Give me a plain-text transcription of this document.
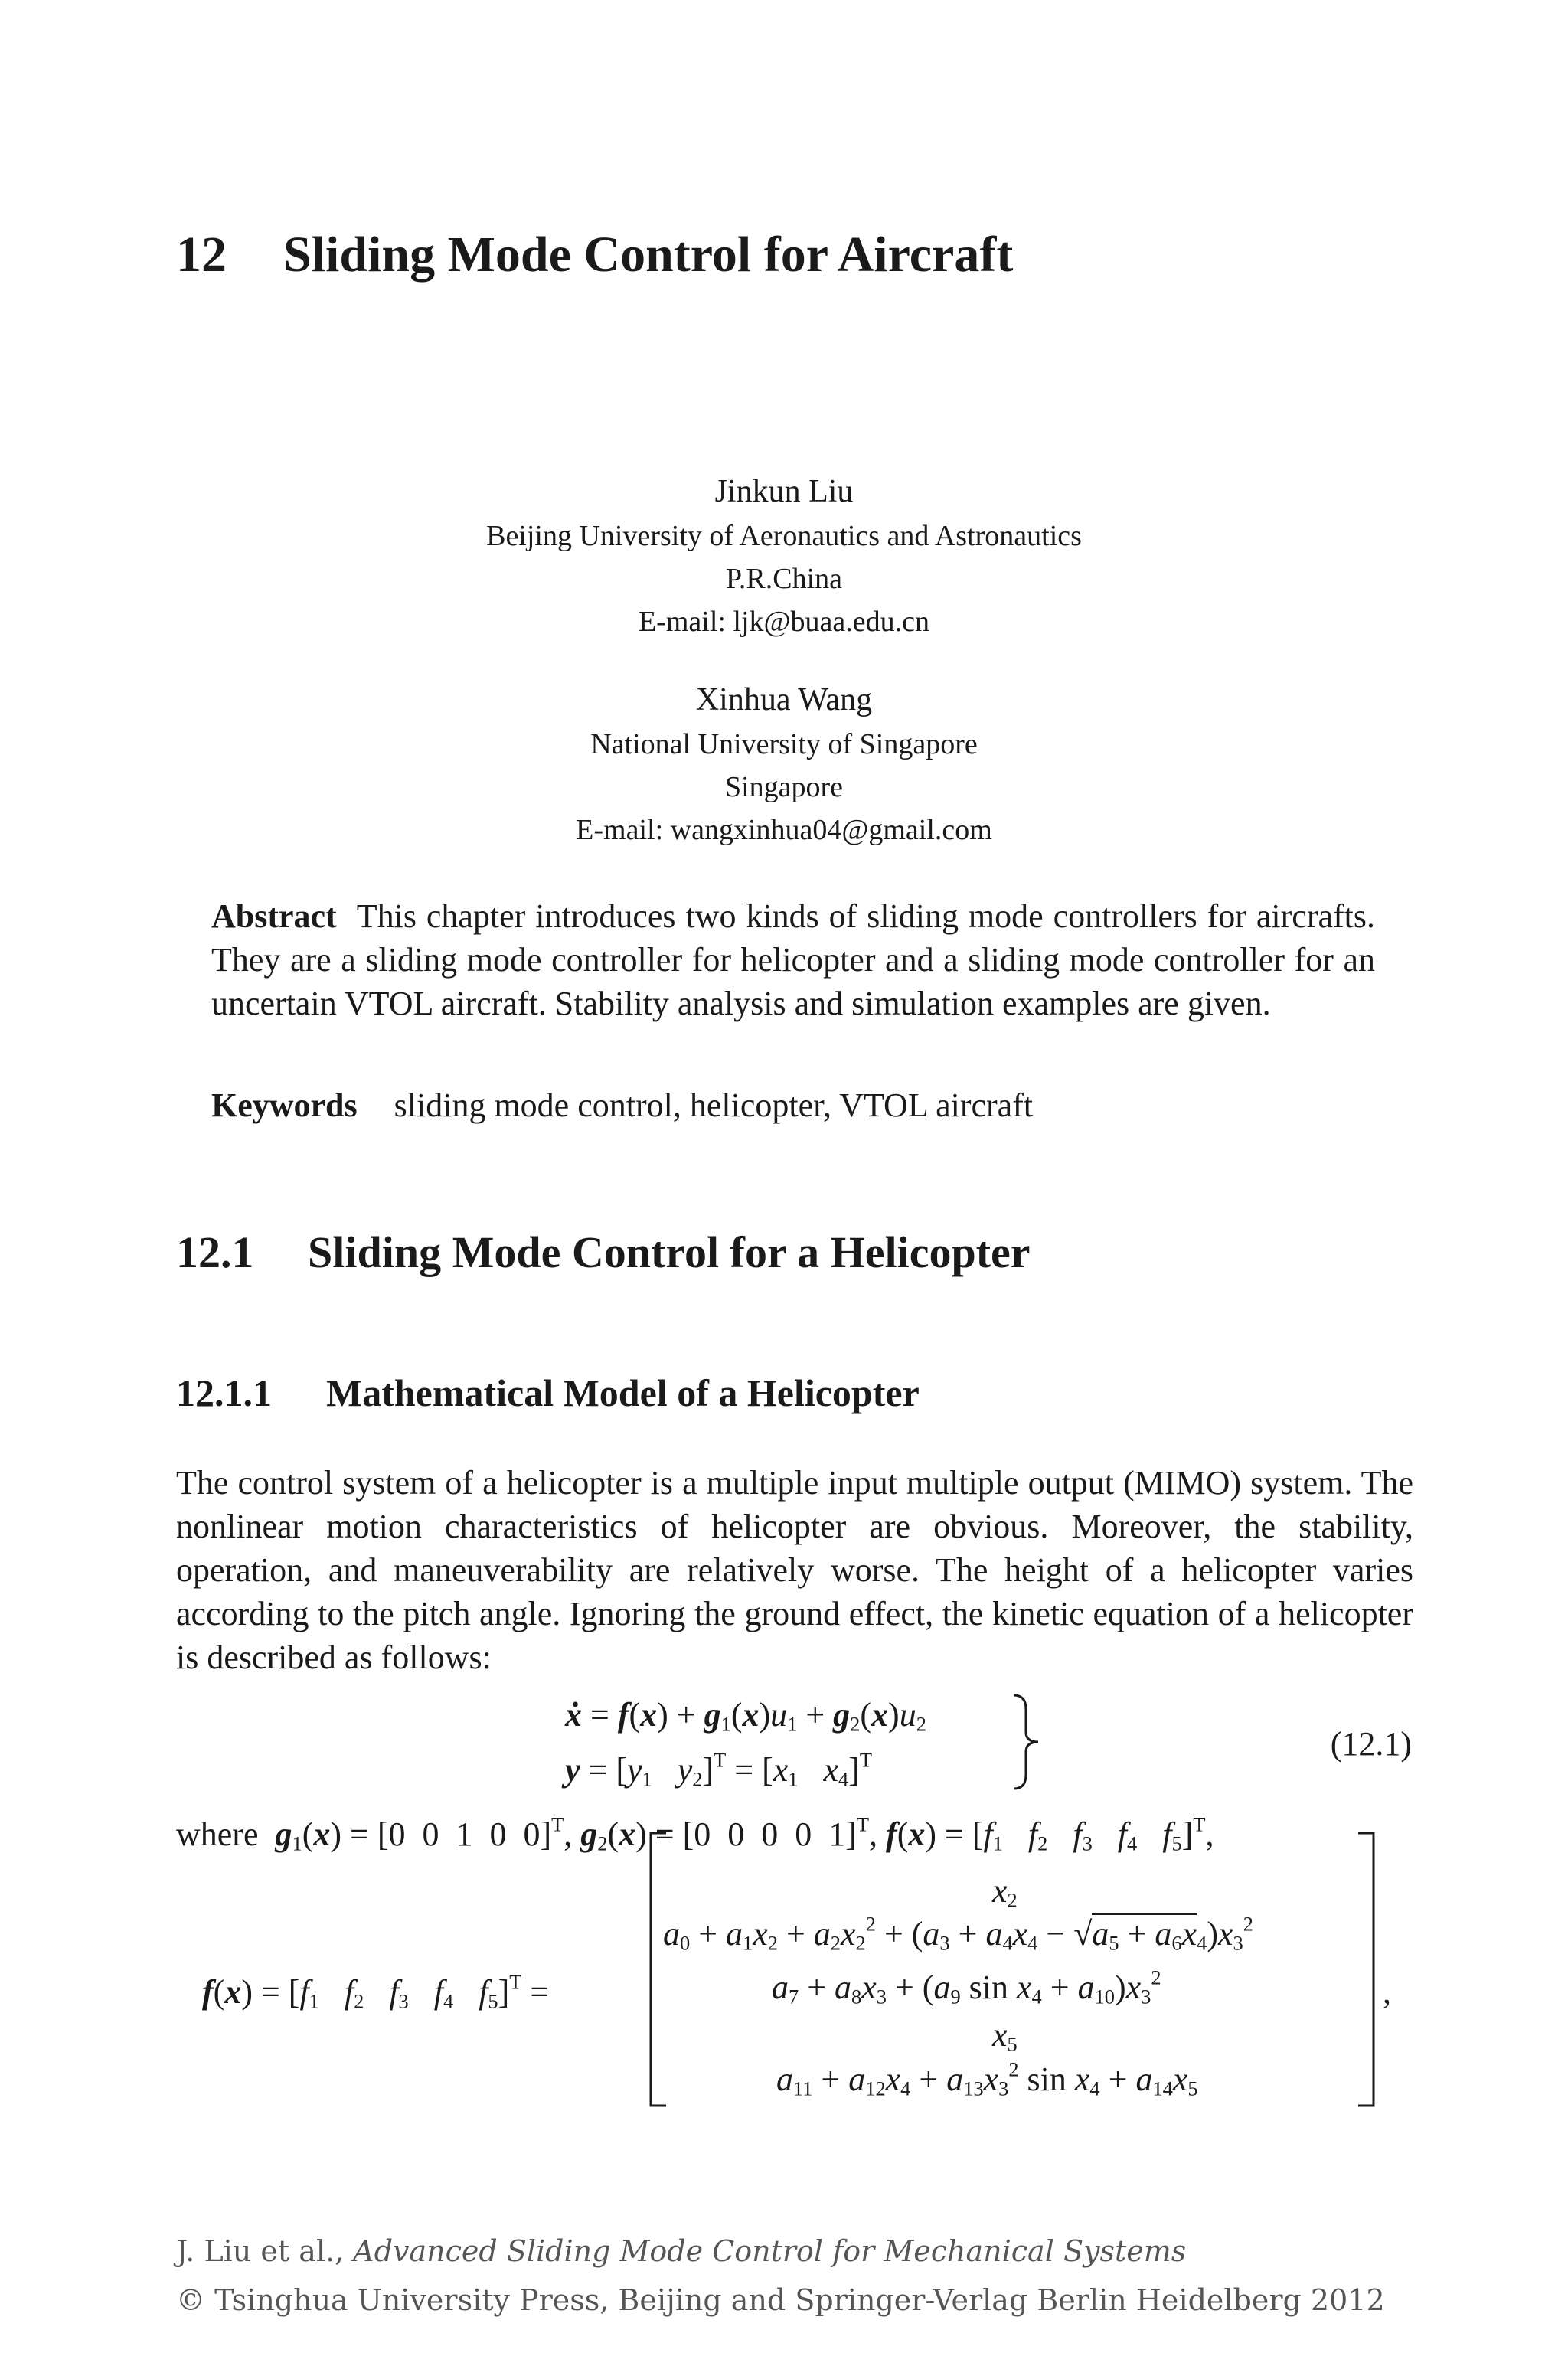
12 Sliding Mode Control for Aircraft
Jinkun Liu
Beijing University of Aeronautics and Astronautics
P.R.China
E-mail: ljk@buaa.edu.cn
Xinhua Wang
National University of Singapore
Singapore
E-mail: wangxinhua04@gmail.com
Abstract This chapter introduces two kinds of sliding mode controllers for aircrafts. They are a sliding mode controller for helicopter and a sliding mode controller for an uncertain VTOL aircraft. Stability analysis and simulation examples are given.
Keywords sliding mode control, helicopter, VTOL aircraft
12.1 Sliding Mode Control for a Helicopter
12.1.1 Mathematical Model of a Helicopter
The control system of a helicopter is a multiple input multiple output (MIMO) system. The nonlinear motion characteristics of helicopter are obvious. Moreover, the stability, operation, and maneuverability are relatively worse. The height of a helicopter varies according to the pitch angle. Ignoring the ground effect, the kinetic equation of a helicopter is described as follows:
ẋ = $f(x) + g_1(x)u_1 + g_2(x)u_2$
$y = [y_1$   $y_2]^T = [x_1$   $x_4]^T$	(12.1)
where $g_1(x) = [0$  0  1  0  0]$^T$, $g_2(x) = [0$  0  0  0  1]$^T$, $f(x) = [f_1$   $f_2$   $f_3$   $f_4$   $f_5]^T$,
$f(x) = [f_1$   $f_2$   $f_3$   $f_4$   $f_5]^T$ =
$x_2$
$a_0 + a_1x_2 + a_2x_2^2 + (a_3 + a_4x_4 - √a_5 + a_6x_4)x_3^2$
$a_7 + a_8x_3 + (a_9$ $\sin x_4 + a_{10})x_3^2$
$x_5$
$a_{11} + a_{12}x_4 + a_{13}x_3^2$ $\sin x_4 + a_{14}x_5$
,
J. Liu et al., Advanced Sliding Mode Control for Mechanical Systems
© Tsinghua University Press, Beijing and Springer-Verlag Berlin Heidelberg 2012
